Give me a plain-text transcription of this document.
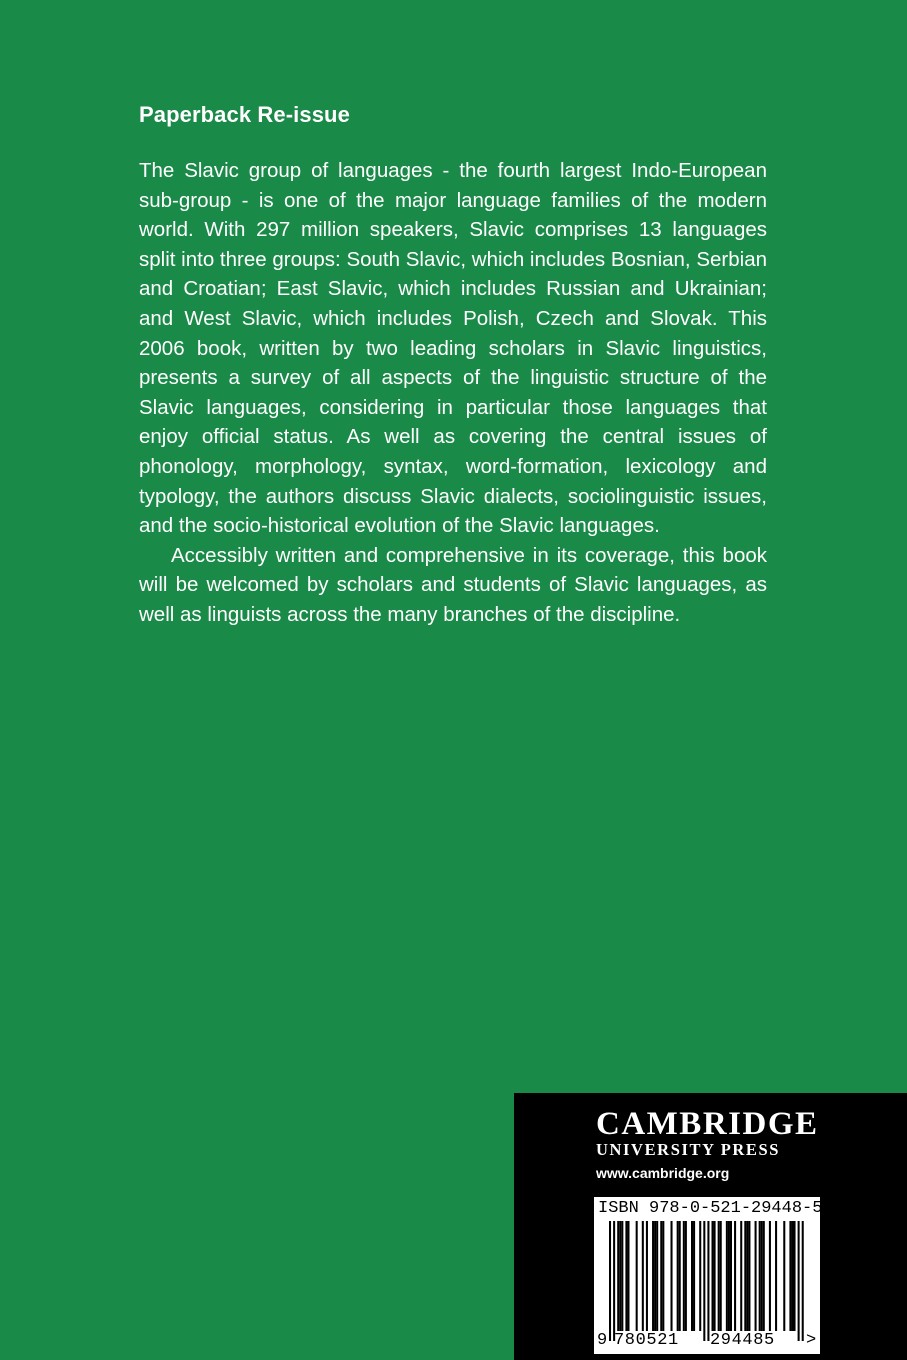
Paperback Re-issue

The Slavic group of languages - the fourth largest Indo-European sub-group - is one of the major language families of the modern world. With 297 million speakers, Slavic comprises 13 languages split into three groups: South Slavic, which includes Bosnian, Serbian and Croatian; East Slavic, which includes Russian and Ukrainian; and West Slavic, which includes Polish, Czech and Slovak. This 2006 book, written by two leading scholars in Slavic linguistics, presents a survey of all aspects of the linguistic structure of the Slavic languages, considering in particular those languages that enjoy official status. As well as covering the central issues of phonology, morphology, syntax, word-formation, lexicology and typology, the authors discuss Slavic dialects, sociolinguistic issues, and the socio-historical evolution of the Slavic languages.

Accessibly written and comprehensive in its coverage, this book will be welcomed by scholars and students of Slavic languages, as well as linguists across the many branches of the discipline.

CAMBRIDGE
UNIVERSITY PRESS
www.cambridge.org
ISBN 978-0-521-29448-5
9 780521 294485 >
